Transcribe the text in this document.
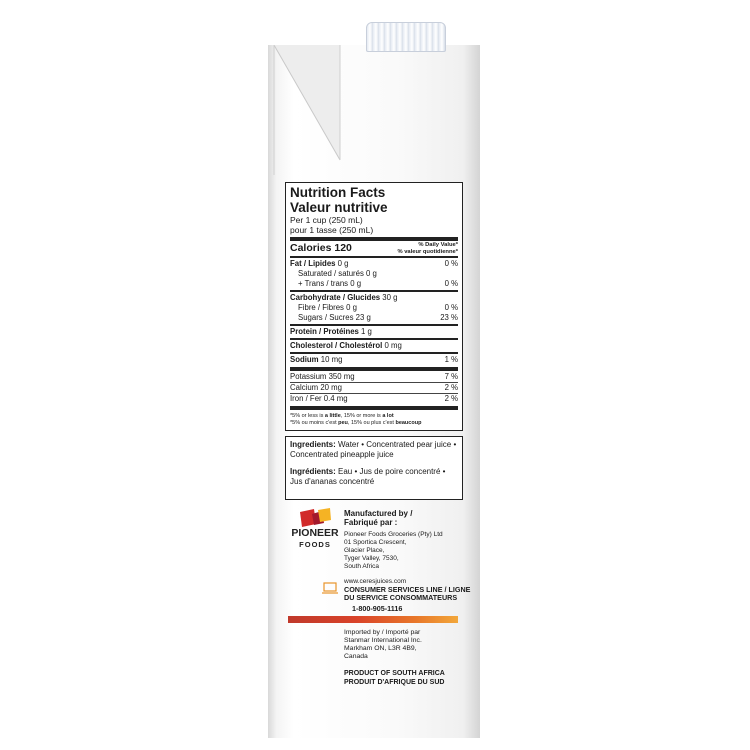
Nutrition Facts
Valeur nutritive
Per 1 cup (250 mL)
pour 1 tasse (250 mL)
Calories 120	% Daily Value*
% valeur quotidienne*
Fat / Lipides 0 g	0 %
Saturated / saturés 0 g
+ Trans / trans 0 g	0 %
Carbohydrate / Glucides 30 g
Fibre / Fibres 0 g	0 %
Sugars / Sucres 23 g	23 %
Protein / Protéines 1 g
Cholesterol / Cholestérol 0 mg
Sodium 10 mg	1 %
Potassium 350 mg	7 %
Calcium 20 mg	2 %
Iron / Fer 0.4 mg	2 %
*5% or less is a little, 15% or more is a lot
*5% ou moins c'est peu, 15% ou plus c'est beaucoup

Ingredients: Water • Concentrated pear juice • Concentrated pineapple juice

Ingrédients: Eau • Jus de poire concentré • Jus d'ananas concentré

PIONEER
FOODS
Manufactured by /
Fabriqué par :
Pioneer Foods Groceries (Pty) Ltd
01 Sportica Crescent,
Glacier Place,
Tyger Valley, 7530,
South Africa
www.ceresjuices.com
CONSUMER SERVICES LINE / LIGNE
DU SERVICE CONSOMMATEURS
1-800-905-1116
Imported by / Importé par
Stanmar International Inc.
Markham ON, L3R 4B9,
Canada
PRODUCT OF SOUTH AFRICA
PRODUIT D'AFRIQUE DU SUD
